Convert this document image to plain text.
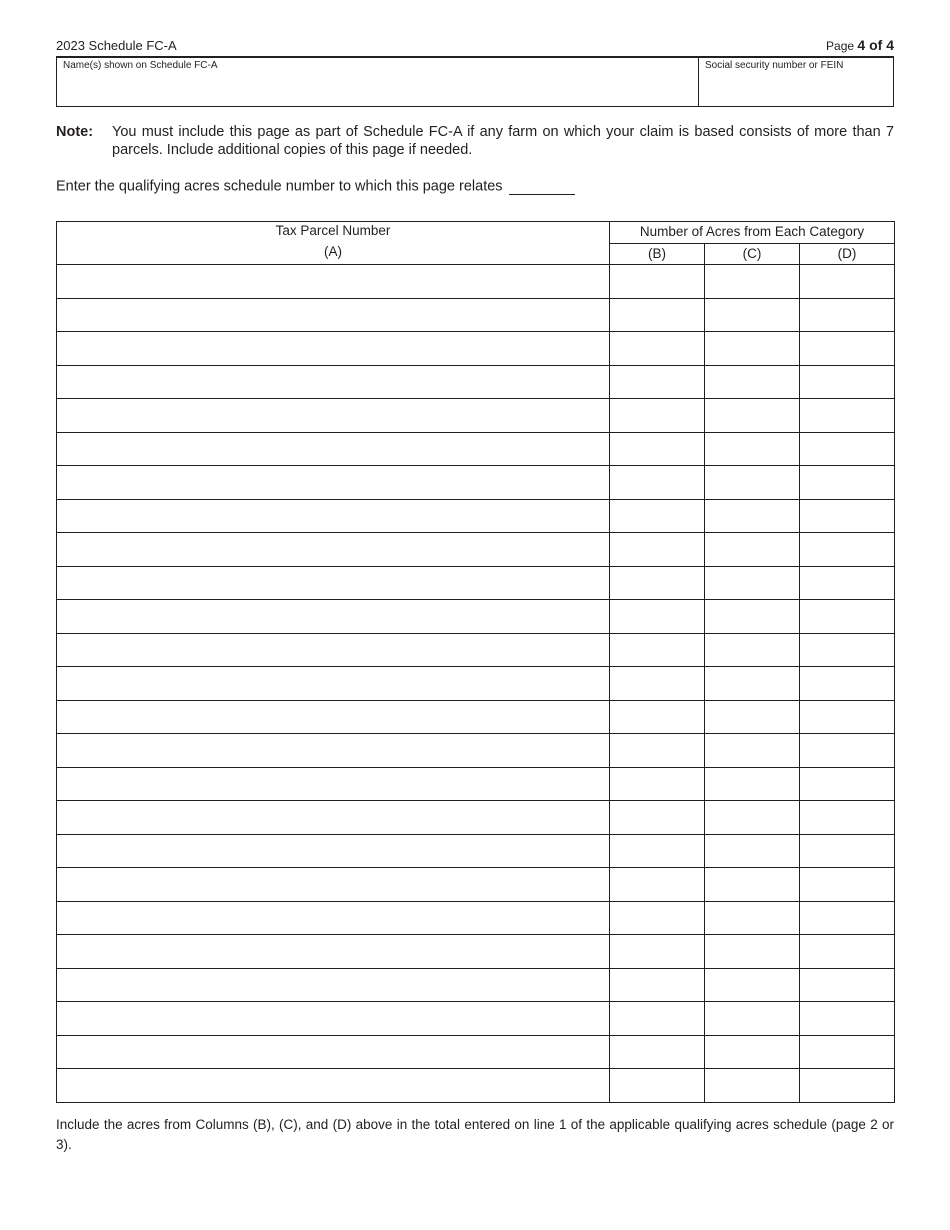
2023 Schedule FC-A	Page 4 of 4
Name(s) shown on Schedule FC-A	Social security number or FEIN
Note: You must include this page as part of Schedule FC-A if any farm on which your claim is based consists of more than 7 parcels. Include additional copies of this page if needed.
Enter the qualifying acres schedule number to which this page relates
Tax Parcel Number
(A)	Number of Acres from Each Category		
	(B)	(C)	(D)

Include the acres from Columns (B), (C), and (D) above in the total entered on line 1 of the applicable qualifying acres schedule (page 2 or 3).
